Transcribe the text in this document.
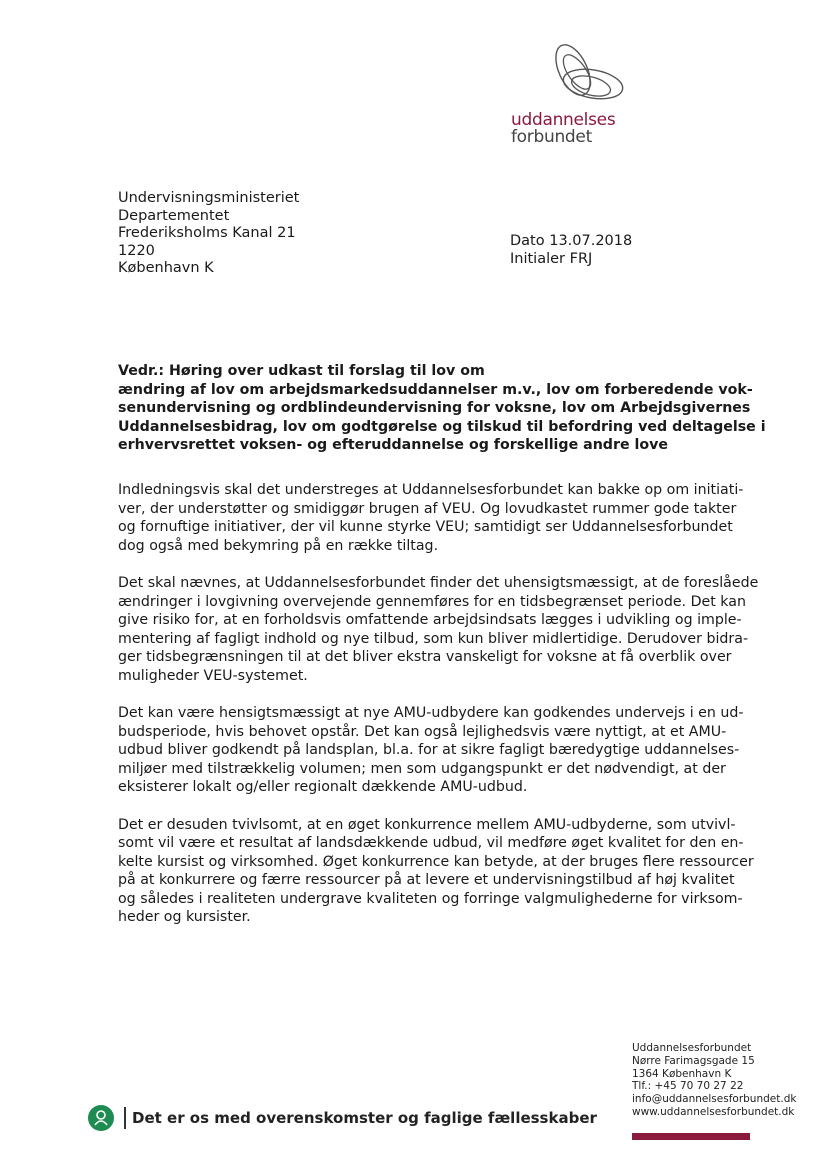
uddannelses
forbundet
Undervisningsministeriet
Departementet
Frederiksholms Kanal 21
1220
København K
Dato 13.07.2018
Initialer FRJ
Vedr.: Høring over udkast til forslag til lov om
ændring af lov om arbejdsmarkedsuddannelser m.v., lov om forberedende vok-
senundervisning og ordblindeundervisning for voksne, lov om Arbejdsgivernes
Uddannelsesbidrag, lov om godtgørelse og tilskud til befordring ved deltagelse i
erhvervsrettet voksen- og efteruddannelse og forskellige andre love
Indledningsvis skal det understreges at Uddannelsesforbundet kan bakke op om initiati-
ver, der understøtter og smidiggør brugen af VEU. Og lovudkastet rummer gode takter
og fornuftige initiativer, der vil kunne styrke VEU; samtidigt ser Uddannelsesforbundet
dog også med bekymring på en række tiltag.
Det skal nævnes, at Uddannelsesforbundet finder det uhensigtsmæssigt, at de foreslåede
ændringer i lovgivning overvejende gennemføres for en tidsbegrænset periode. Det kan
give risiko for, at en forholdsvis omfattende arbejdsindsats lægges i udvikling og imple-
mentering af fagligt indhold og nye tilbud, som kun bliver midlertidige. Derudover bidra-
ger tidsbegrænsningen til at det bliver ekstra vanskeligt for voksne at få overblik over
muligheder VEU-systemet.
Det kan være hensigtsmæssigt at nye AMU-udbydere kan godkendes undervejs i en ud-
budsperiode, hvis behovet opstår. Det kan også lejlighedsvis være nyttigt, at et AMU-
udbud bliver godkendt på landsplan, bl.a. for at sikre fagligt bæredygtige uddannelses-
miljøer med tilstrækkelig volumen; men som udgangspunkt er det nødvendigt, at der
eksisterer lokalt og/eller regionalt dækkende AMU-udbud.
Det er desuden tvivlsomt, at en øget konkurrence mellem AMU-udbyderne, som utvivl-
somt vil være et resultat af landsdækkende udbud, vil medføre øget kvalitet for den en-
kelte kursist og virksomhed. Øget konkurrence kan betyde, at der bruges flere ressourcer
på at konkurrere og færre ressourcer på at levere et undervisningstilbud af høj kvalitet
og således i realiteten undergrave kvaliteten og forringe valgmulighederne for virksom-
heder og kursister.
Uddannelsesforbundet
Nørre Farimagsgade 15
1364 København K
Tlf.: +45 70 70 27 22
info@uddannelsesforbundet.dk
www.uddannelsesforbundet.dk
Det er os med overenskomster og faglige fællesskaber
